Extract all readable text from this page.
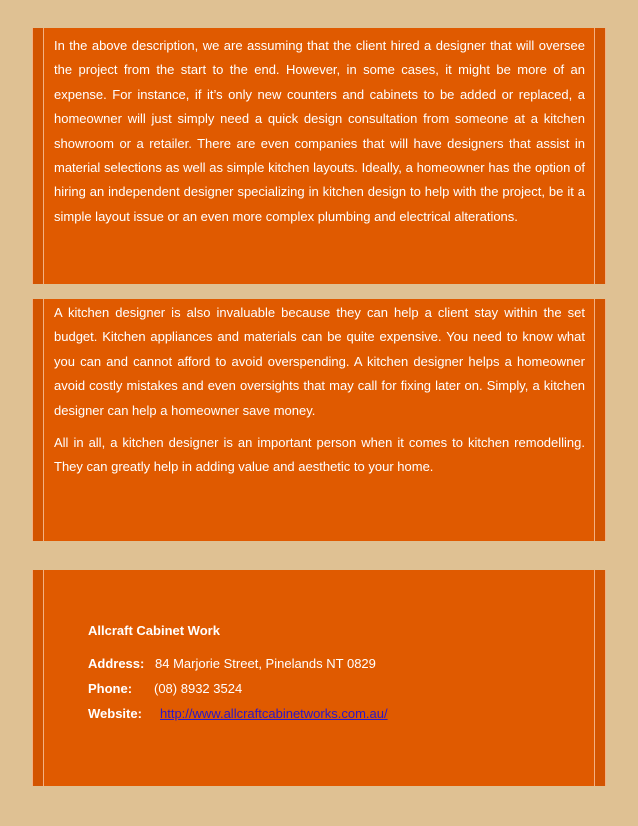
In the above description, we are assuming that the client hired a designer that will oversee the project from the start to the end. However, in some cases, it might be more of an expense. For instance, if it’s only new counters and cabinets to be added or replaced, a homeowner will just simply need a quick design consultation from someone at a kitchen showroom or a retailer. There are even companies that will have designers that assist in material selections as well as simple kitchen layouts. Ideally, a homeowner has the option of hiring an independent designer specializing in kitchen design to help with the project, be it a simple layout issue or an even more complex plumbing and electrical alterations.

A kitchen designer is also invaluable because they can help a client stay within the set budget. Kitchen appliances and materials can be quite expensive. You need to know what you can and cannot afford to avoid overspending. A kitchen designer helps a homeowner avoid costly mistakes and even oversights that may call for fixing later on. Simply, a kitchen designer can help a homeowner save money.

All in all, a kitchen designer is an important person when it comes to kitchen remodelling. They can greatly help in adding value and aesthetic to your home.

Allcraft Cabinet Work

Address: 84 Marjorie Street, Pinelands NT 0829
Phone: (08) 8932 3524
Website: http://www.allcraftcabinetworks.com.au/
